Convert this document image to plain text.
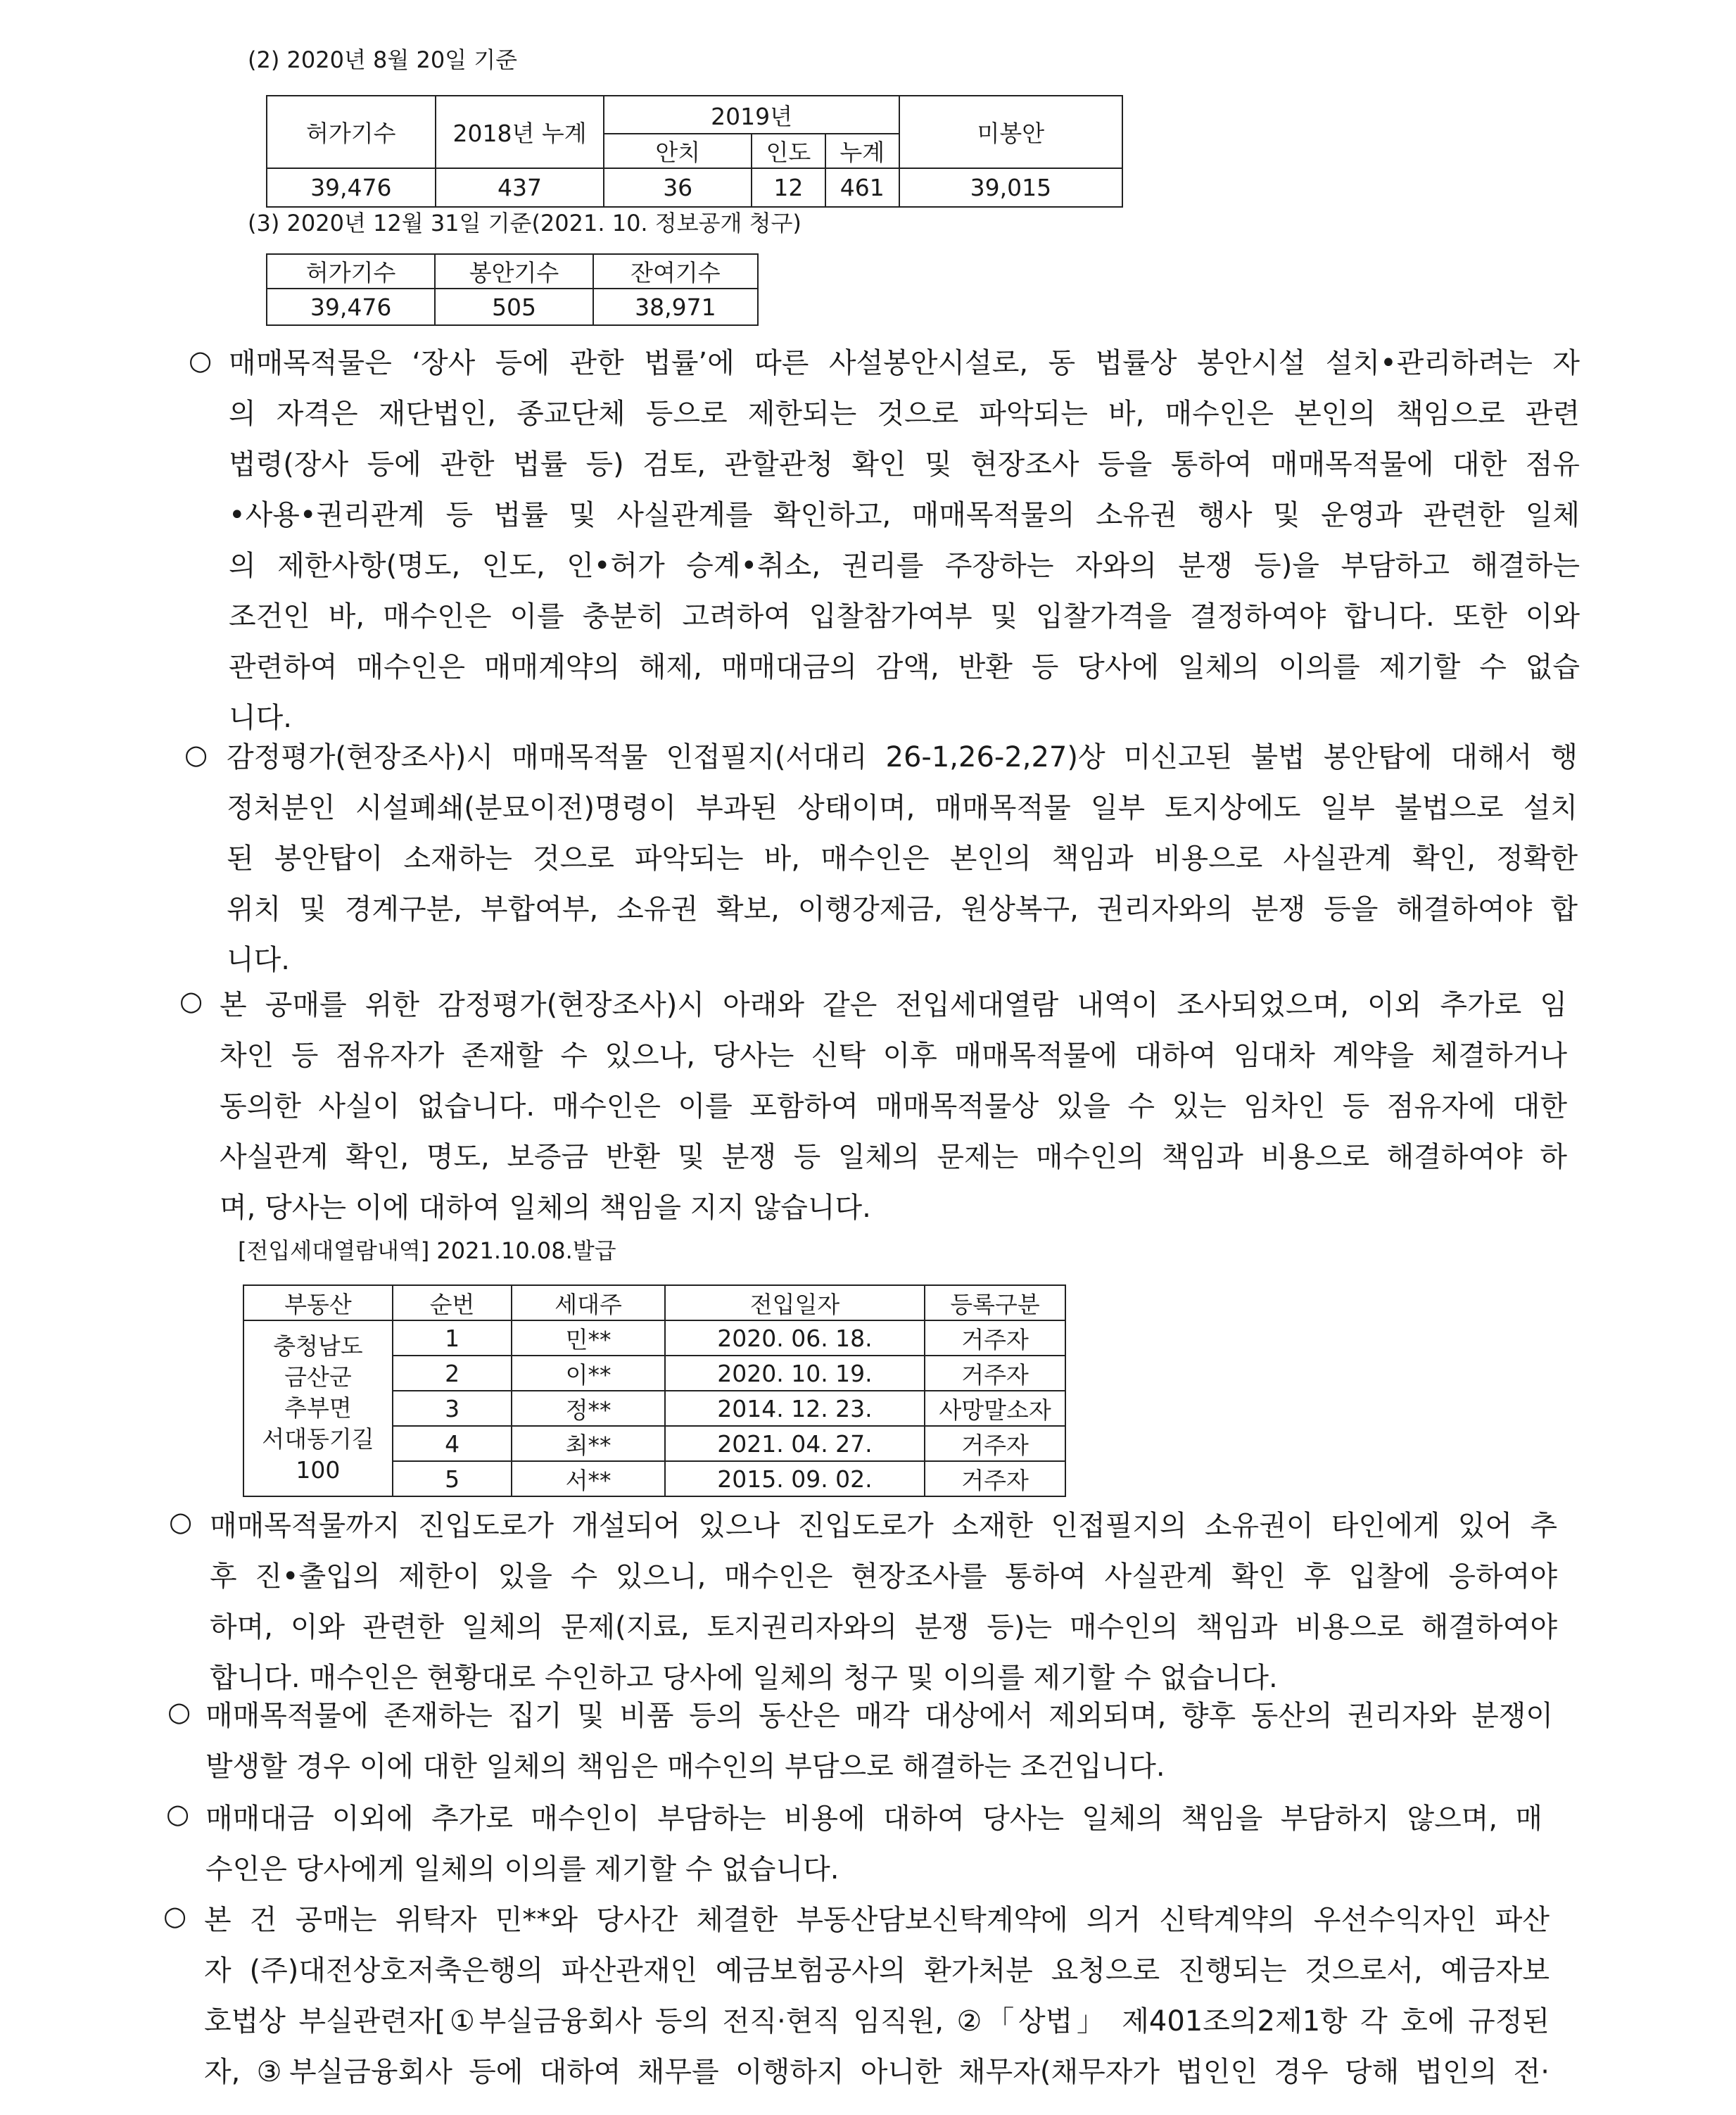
(2) 2020년 8월 20일 기준
허가기수	2018년 누계	2019년			미봉안
		안치	인도	누계	
39,476	437	36	12	461	39,015
(3) 2020년 12월 31일 기준(2021. 10. 정보공개 청구)
허가기수	봉안기수	잔여기수
39,476	505	38,971
○ 매매목적물은 ‘장사 등에 관한 법률’에 따른 사설봉안시설로, 동 법률상 봉안시설 설치•관리하려는 자
의 자격은 재단법인, 종교단체 등으로 제한되는 것으로 파악되는 바, 매수인은 본인의 책임으로 관련
법령(장사 등에 관한 법률 등) 검토, 관할관청 확인 및 현장조사 등을 통하여 매매목적물에 대한 점유
•사용•권리관계 등 법률 및 사실관계를 확인하고, 매매목적물의 소유권 행사 및 운영과 관련한 일체
의 제한사항(명도, 인도, 인•허가 승계•취소, 권리를 주장하는 자와의 분쟁 등)을 부담하고 해결하는
조건인 바, 매수인은 이를 충분히 고려하여 입찰참가여부 및 입찰가격을 결정하여야 합니다. 또한 이와
관련하여 매수인은 매매계약의 해제, 매매대금의 감액, 반환 등 당사에 일체의 이의를 제기할 수 없습
니다.
○ 감정평가(현장조사)시 매매목적물 인접필지(서대리 26-1,26-2,27)상 미신고된 불법 봉안탑에 대해서 행
정처분인 시설폐쇄(분묘이전)명령이 부과된 상태이며, 매매목적물 일부 토지상에도 일부 불법으로 설치
된 봉안탑이 소재하는 것으로 파악되는 바, 매수인은 본인의 책임과 비용으로 사실관계 확인, 정확한
위치 및 경계구분, 부합여부, 소유권 확보, 이행강제금, 원상복구, 권리자와의 분쟁 등을 해결하여야 합
니다.
○ 본 공매를 위한 감정평가(현장조사)시 아래와 같은 전입세대열람 내역이 조사되었으며, 이외 추가로 임
차인 등 점유자가 존재할 수 있으나, 당사는 신탁 이후 매매목적물에 대하여 임대차 계약을 체결하거나
동의한 사실이 없습니다. 매수인은 이를 포함하여 매매목적물상 있을 수 있는 임차인 등 점유자에 대한
사실관계 확인, 명도, 보증금 반환 및 분쟁 등 일체의 문제는 매수인의 책임과 비용으로 해결하여야 하
며, 당사는 이에 대하여 일체의 책임을 지지 않습니다.
[전입세대열람내역] 2021.10.08.발급
부동산	순번	세대주	전입일자	등록구분

충청남도
금산군
추부면
서대동기길
100	1	민**	2020. 06. 18.	거주자
	2	이**	2020. 10. 19.	거주자
	3	정**	2014. 12. 23.	사망말소자
	4	최**	2021. 04. 27.	거주자
	5	서**	2015. 09. 02.	거주자
○ 매매목적물까지 진입도로가 개설되어 있으나 진입도로가 소재한 인접필지의 소유권이 타인에게 있어 추
후 진•출입의 제한이 있을 수 있으니, 매수인은 현장조사를 통하여 사실관계 확인 후 입찰에 응하여야
하며, 이와 관련한 일체의 문제(지료, 토지권리자와의 분쟁 등)는 매수인의 책임과 비용으로 해결하여야
합니다. 매수인은 현황대로 수인하고 당사에 일체의 청구 및 이의를 제기할 수 없습니다.
○ 매매목적물에 존재하는 집기 및 비품 등의 동산은 매각 대상에서 제외되며, 향후 동산의 권리자와 분쟁이
발생할 경우 이에 대한 일체의 책임은 매수인의 부담으로 해결하는 조건입니다.
○ 매매대금 이외에 추가로 매수인이 부담하는 비용에 대하여 당사는 일체의 책임을 부담하지 않으며, 매
수인은 당사에게 일체의 이의를 제기할 수 없습니다.
○ 본 건 공매는 위탁자 민**와 당사간 체결한 부동산담보신탁계약에 의거 신탁계약의 우선수익자인 파산
자 (주)대전상호저축은행의 파산관재인 예금보험공사의 환가처분 요청으로 진행되는 것으로서, 예금자보
호법상 부실관련자[①부실금융회사 등의 전직·현직 임직원, ②「상법」 제401조의2제1항 각 호에 규정된
자, ③부실금융회사 등에 대하여 채무를 이행하지 아니한 채무자(채무자가 법인인 경우 당해 법인의 전·
